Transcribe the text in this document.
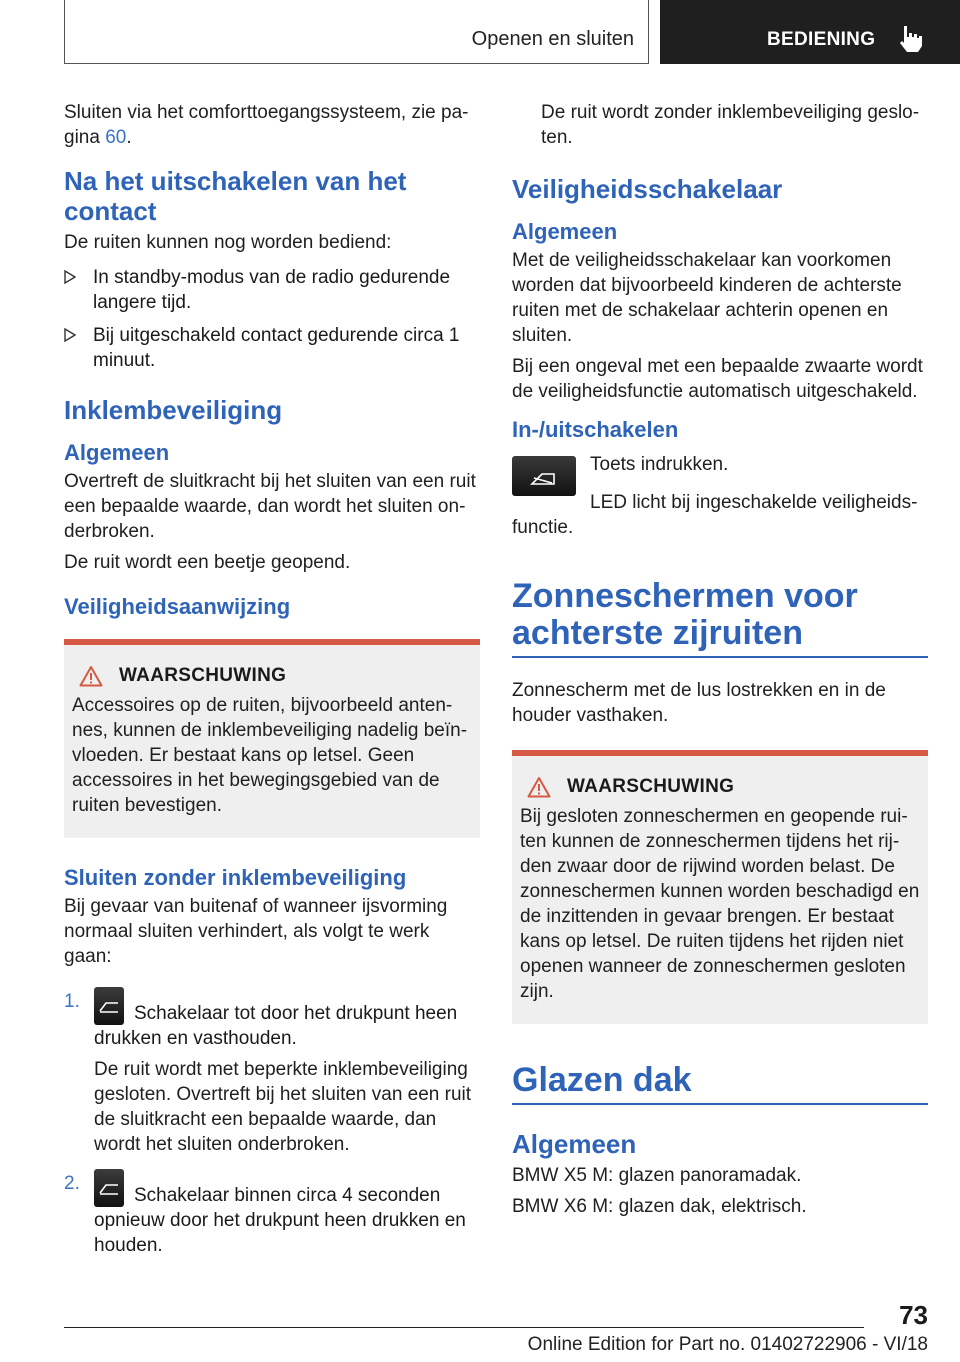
Openen en sluiten	BEDIENING

Sluiten via het comforttoegangssysteem, zie pagina 60.

Na het uitschakelen van het contact

De ruiten kunnen nog worden bediend:

In standby-modus van de radio gedurende langere tijd.
Bij uitgeschakeld contact gedurende circa 1 minuut.
Inklembeveiliging
Algemeen

Overtreft de sluitkracht bij het sluiten van een ruit een bepaalde waarde, dan wordt het sluiten onderbroken.

De ruit wordt een beetje geopend.

Veiligheidsaanwijzing
WAARSCHUWING
Accessoires op de ruiten, bijvoorbeeld antennes, kunnen de inklembeveiliging nadelig beïnvloeden. Er bestaat kans op letsel. Geen accessoires in het bewegingsgebied van de ruiten bevestigen.
Sluiten zonder inklembeveiliging

Bij gevaar van buitenaf of wanneer ijsvorming normaal sluiten verhindert, als volgt te werk gaan:

1.
Schakelaar tot door het drukpunt heen drukken en vasthouden.

De ruit wordt met beperkte inklembeveiliging gesloten. Overtreft bij het sluiten van een ruit de sluitkracht een bepaalde waarde, dan wordt het sluiten onderbroken.

2.
Schakelaar binnen circa 4 seconden opnieuw door het drukpunt heen drukken en houden.

De ruit wordt zonder inklembeveiliging gesloten.

Veiligheidsschakelaar
Algemeen

Met de veiligheidsschakelaar kan voorkomen worden dat bijvoorbeeld kinderen de achterste ruiten met de schakelaar achterin openen en sluiten.

Bij een ongeval met een bepaalde zwaarte wordt de veiligheidsfunctie automatisch uitgeschakeld.

In-/uitschakelen

Toets indrukken.

LED licht bij ingeschakelde veiligheidsfunctie.

Zonneschermen voor achterste zijruiten

Zonnescherm met de lus lostrekken en in de houder vasthaken.

WAARSCHUWING
Bij gesloten zonneschermen en geopende ruiten kunnen de zonneschermen tijdens het rijden zwaar door de rijwind worden belast. De zonneschermen kunnen worden beschadigd en de inzittenden in gevaar brengen. Er bestaat kans op letsel. De ruiten tijdens het rijden niet openen wanneer de zonneschermen gesloten zijn.
Glazen dak
Algemeen

BMW X5 M: glazen panoramadak.

BMW X6 M: glazen dak, elektrisch.

73
Online Edition for Part no. 01402722906 - VI/18
